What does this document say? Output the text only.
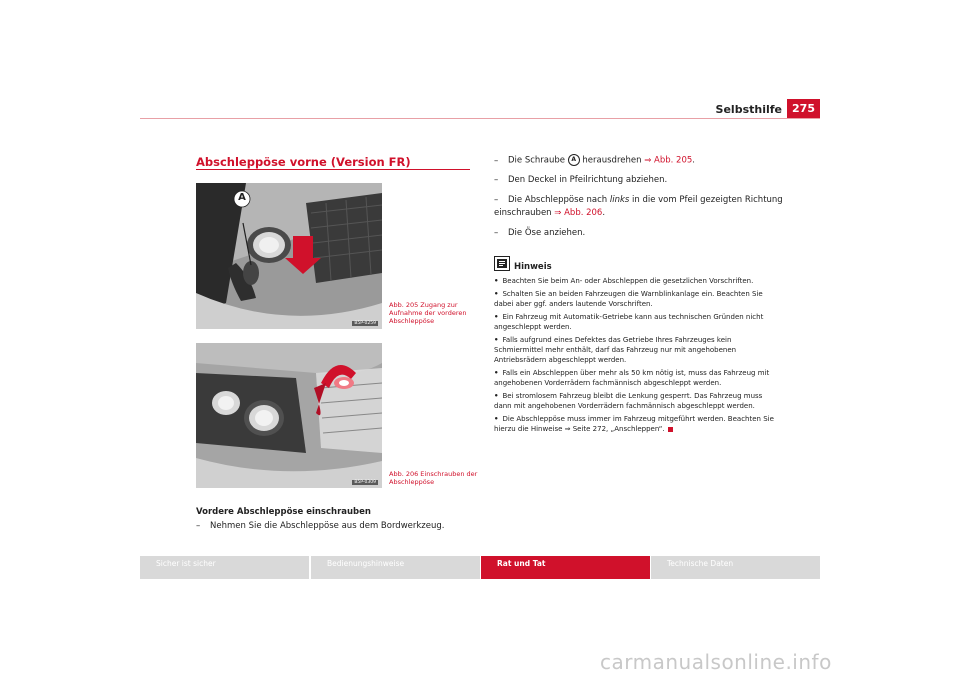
Selbsthilfe 275
Abschleppöse vorne (Version FR)
A
B5P-0259
Abb. 205 Zugang zur Aufnahme der vorderen Abschleppöse
B5P-0309
Abb. 206 Einschrauben der Abschleppöse
Vordere Abschleppöse einschrauben
– Nehmen Sie die Abschleppöse aus dem Bordwerkzeug.
– Die Schraube A herausdrehen ⇒ Abb. 205.
– Den Deckel in Pfeilrichtung abziehen.
– Die Abschleppöse nach links in die vom Pfeil gezeigten Richtung einschrauben ⇒ Abb. 206.
– Die Öse anziehen.
Hinweis
• Beachten Sie beim An- oder Abschleppen die gesetzlichen Vorschriften.
• Schalten Sie an beiden Fahrzeugen die Warnblinkanlage ein. Beachten Sie dabei aber ggf. anders lautende Vorschriften.
• Ein Fahrzeug mit Automatik-Getriebe kann aus technischen Gründen nicht angeschleppt werden.
• Falls aufgrund eines Defektes das Getriebe Ihres Fahrzeuges kein Schmiermittel mehr enthält, darf das Fahrzeug nur mit angehobenen Antriebsrädern abgeschleppt werden.
• Falls ein Abschleppen über mehr als 50 km nötig ist, muss das Fahrzeug mit angehobenen Vorderrädern fachmännisch abgeschleppt werden.
• Bei stromlosem Fahrzeug bleibt die Lenkung gesperrt. Das Fahrzeug muss dann mit angehobenen Vorderrädern fachmännisch abgeschleppt werden.
• Die Abschleppöse muss immer im Fahrzeug mitgeführt werden. Beachten Sie hierzu die Hinweise ⇒ Seite 272, „Anschleppen“.
Sicher ist sicher	Bedienungshinweise	Rat und Tat	Technische Daten
carmanualsonline.info
